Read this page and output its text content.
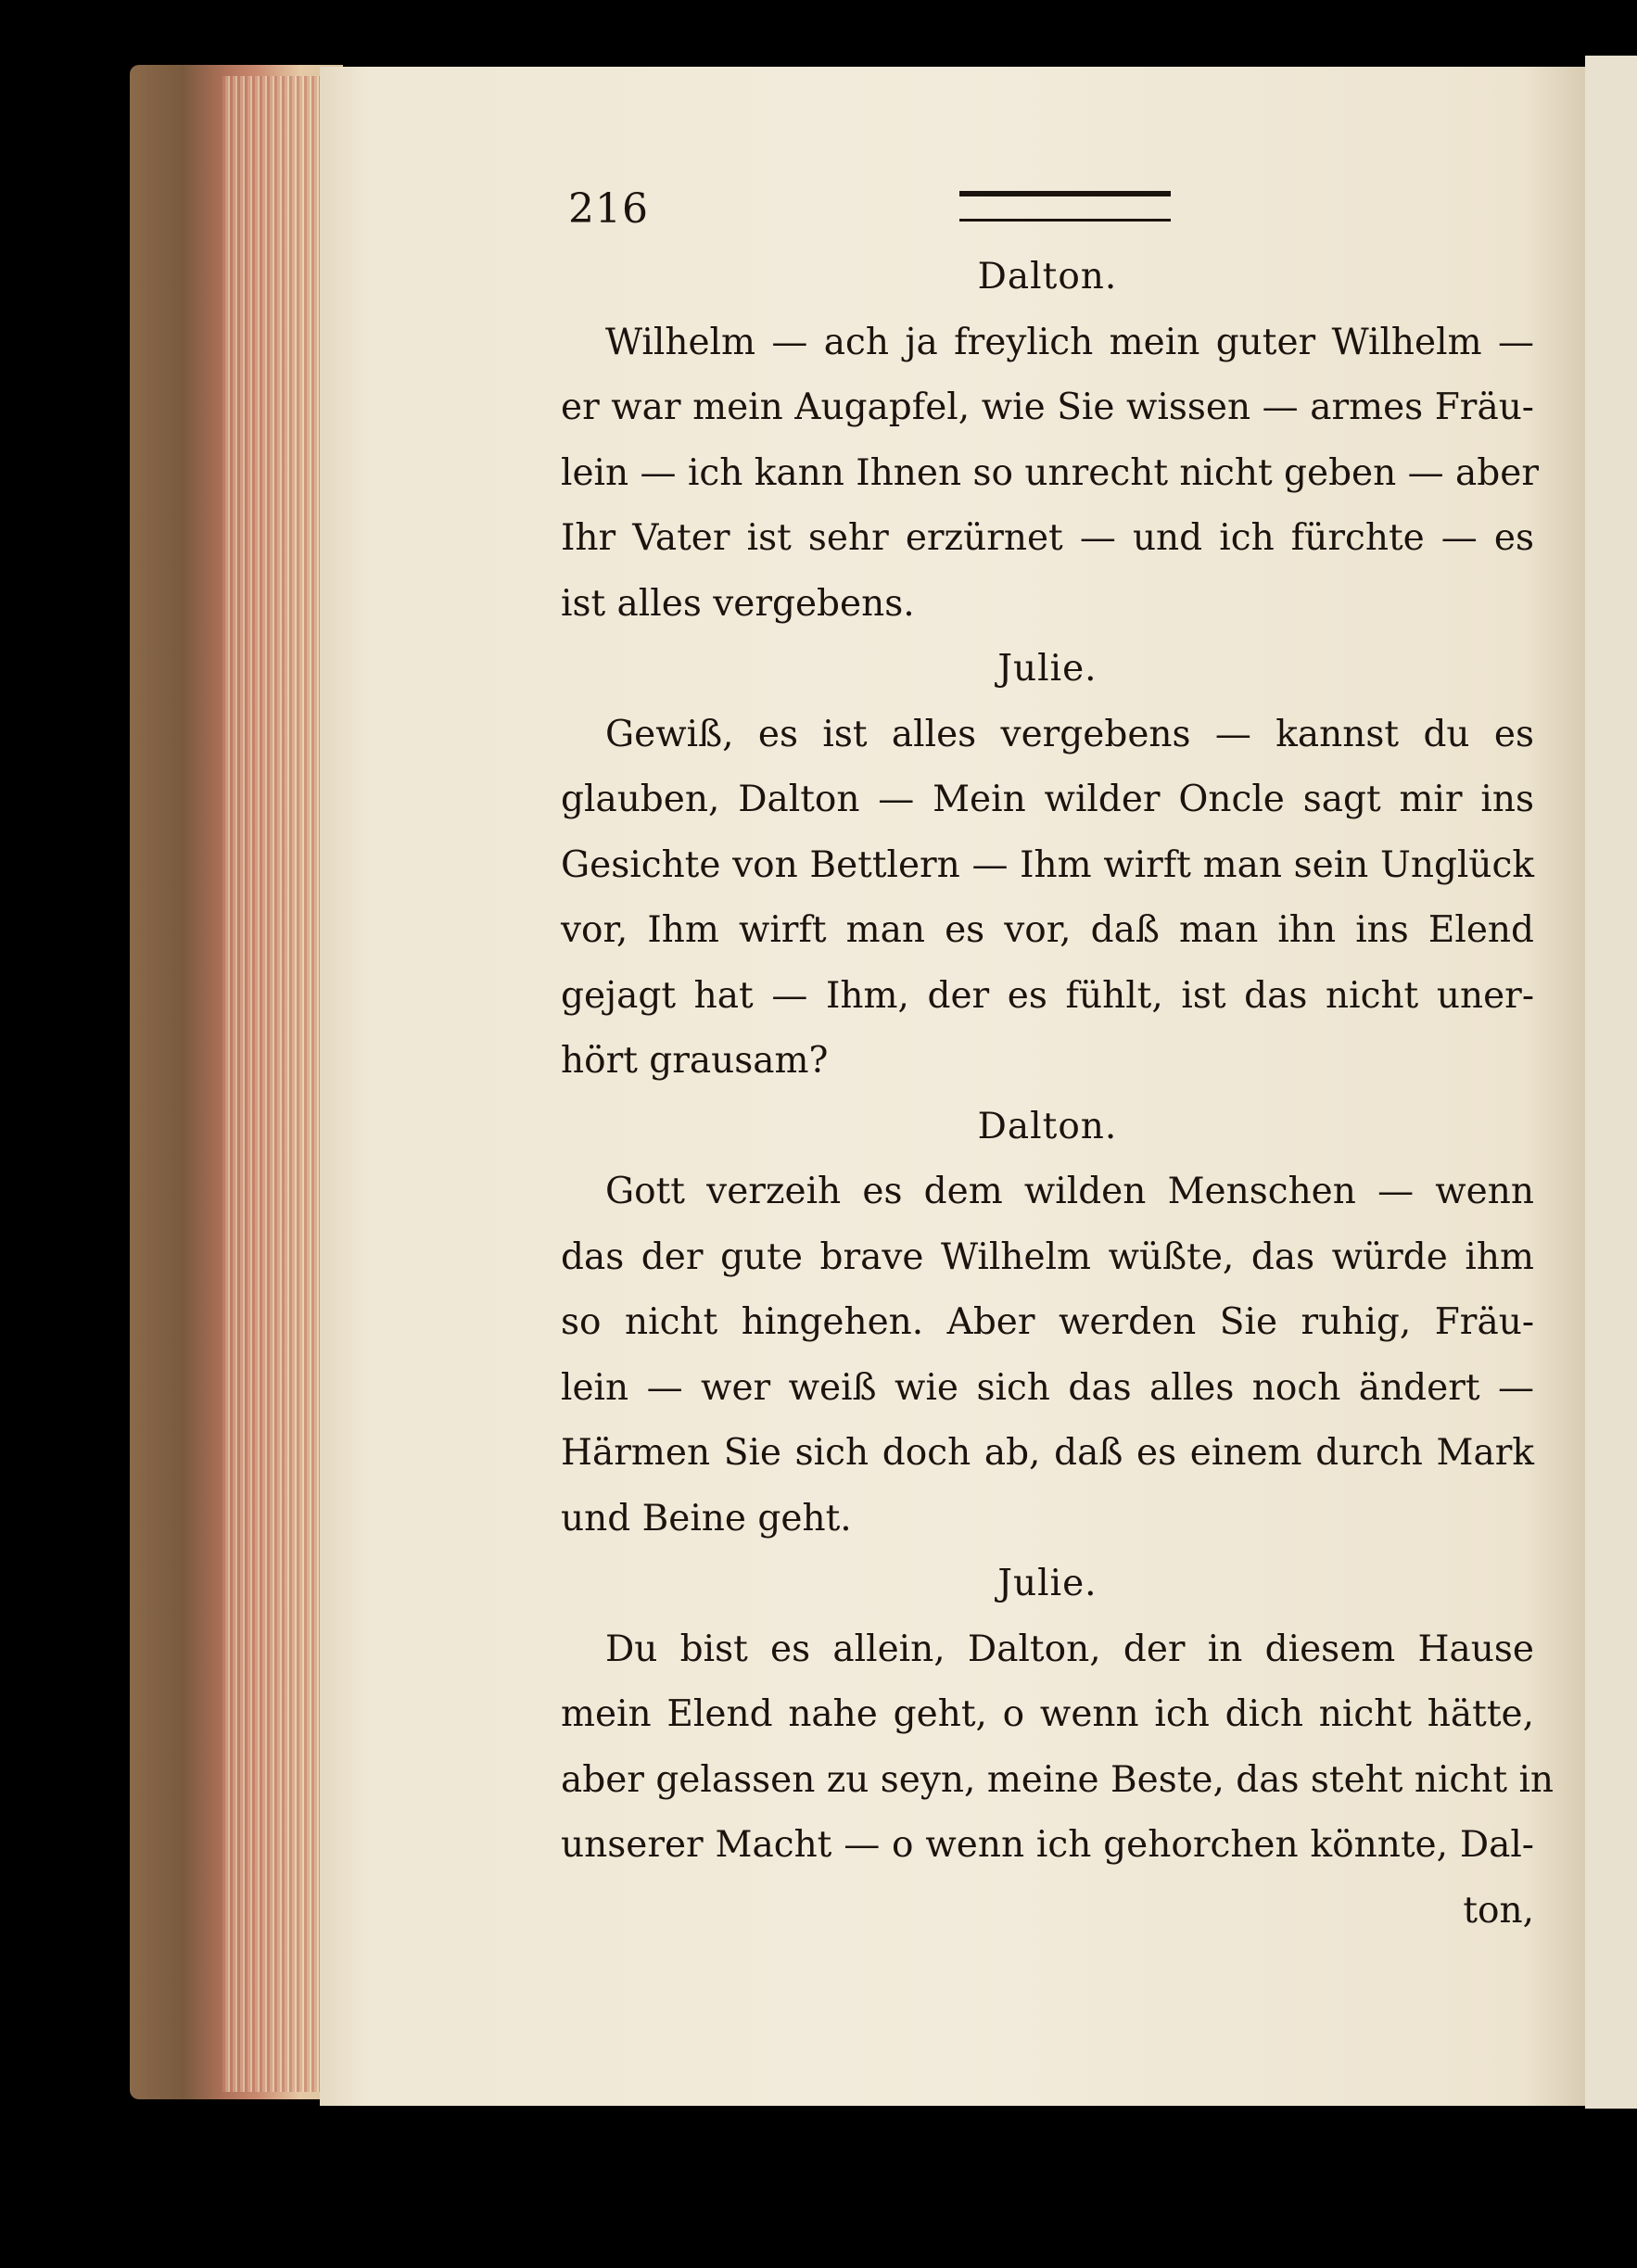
216
Dalton.
Wilhelm — ach ja freylich mein guter Wilhelm —
er war mein Augapfel, wie Sie wissen — armes Fräu-
lein — ich kann Ihnen so unrecht nicht geben — aber
Ihr Vater ist sehr erzürnet — und ich fürchte — es
ist alles vergebens.
Julie.
Gewiß, es ist alles vergebens — kannst du es
glauben, Dalton — Mein wilder Oncle sagt mir ins
Gesichte von Bettlern — Ihm wirft man sein Unglück
vor, Ihm wirft man es vor, daß man ihn ins Elend
gejagt hat — Ihm, der es fühlt, ist das nicht uner-
hört grausam?
Dalton.
Gott verzeih es dem wilden Menschen — wenn
das der gute brave Wilhelm wüßte, das würde ihm
so nicht hingehen. Aber werden Sie ruhig, Fräu-
lein — wer weiß wie sich das alles noch ändert —
Härmen Sie sich doch ab, daß es einem durch Mark
und Beine geht.
Julie.
Du bist es allein, Dalton, der in diesem Hause
mein Elend nahe geht, o wenn ich dich nicht hätte,
aber gelassen zu seyn, meine Beste, das steht nicht in
unserer Macht — o wenn ich gehorchen könnte, Dal-
ton,
